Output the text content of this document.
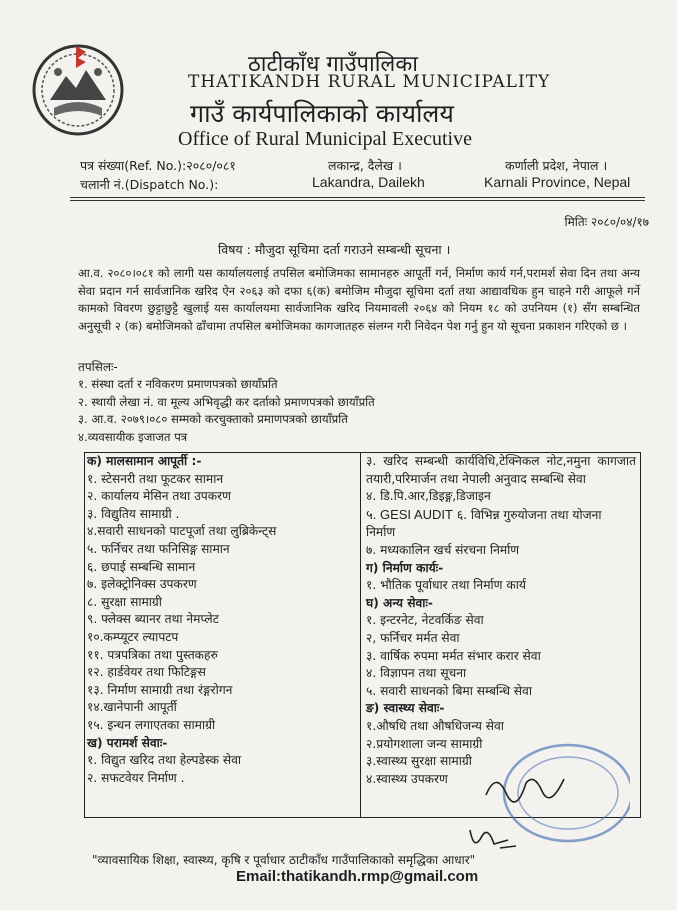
ठाटीकाँध गाउँपालिका
THATIKANDH RURAL MUNICIPALITY
गाउँ कार्यपालिकाको कार्यालय
Office of Rural Municipal Executive
पत्र संख्या(Ref. No.):२०८०/०८१	लकान्द्र, दैलेख ।	कर्णाली प्रदेश, नेपाल ।
चलानी नं.(Dispatch No.):	Lakandra, Dailekh	Karnali Province, Nepal
मितिः २०८०/०४/१७
विषय : मौजुदा सूचिमा दर्ता गराउने सम्बन्धी सूचना ।
आ.व. २०८०।०८१ को लागी यस कार्यालयलाई तपसिल बमोजिमका सामानहरु आपूर्ती गर्न, निर्माण कार्य गर्न,परामर्श सेवा दिन तथा अन्य सेवा प्रदान गर्न सार्वजानिक खरिद ऐन २०६३ को दफा ६(क) बमोजिम मौजुदा सूचिमा दर्ता तथा आद्यावधिक हुन चाहने गरी आफूले गर्ने कामको विवरण छुट्टाछुट्टै खुलाई यस कार्यालयमा सार्वजानिक खरिद नियमावली २०६४ को नियम १८ को उपनियम (१) सँग सम्बन्धित अनुसूची २ (क) बमोजिमको ढाँचामा तपसिल बमोजिमका कागजातहरु संलग्न गरी निवेदन पेश गर्नु हुन यो सूचना प्रकाशन गरिएको छ ।
तपसिलः-
१. संस्था दर्ता र नविकरण प्रमाणपत्रको छायाँप्रति
२. स्थायी लेखा नं. वा मूल्य अभिवृद्धी कर दर्ताको प्रमाणपत्रको छायाँप्रति
३. आ.व. २०७९।०८० सम्मको करचुक्ताको प्रमाणपत्रको छायाँप्रति
४.व्यवसायीक इजाजत पत्र
क) मालसामान आपूर्ती :-
१. स्टेसनरी तथा फूटकर सामान
२. कार्यालय मेसिन तथा उपकरण
३. विद्युतिय सामाग्री .
४.सवारी साधनको पाटपूर्जा तथा लुब्रिकेन्ट्स
५. फर्निचर तथा फनिसिङ्ग सामान
६. छपाई सम्बन्धि सामान
७. इलेक्ट्रोनिक्स उपकरण
८. सुरक्षा सामाग्री
९. फ्लेक्स ब्यानर तथा नेमप्लेट
१०.कम्प्यूटर ल्यापटप
११. पत्रपत्रिका तथा पुस्तकहरु
१२. हार्डवेयर तथा फिटिङ्गस
१३. निर्माण सामाग्री तथा रंङ्गरोगन
१४.खानेपानी आपूर्ती
१५. इन्धन लगाएतका सामाग्री
ख) परामर्श सेवाः-
१. विद्युत खरिद तथा हेल्पडेस्क सेवा
२. सफटवेयर निर्माण .
३. खरिद सम्बन्धी कार्यविधि,टेक्निकल नोट,नमुना कागजात तयारी,परिमार्जन तथा नेपाली अनुवाद सम्बन्धि सेवा
४. डि.पि.आर,डिइङ्ग,डिजाइन
५. GESI AUDIT ६. विभिन्न गुरुयोजना तथा योजना
निर्माण
७. मध्यकालिन खर्च संरचना निर्माण
ग) निर्माण कार्यः-
१. भौतिक पूर्वाधार तथा निर्माण कार्य
घ) अन्य सेवाः-
१. इन्टरनेट, नेटवर्किङ सेवा
२, फर्निचर मर्मत सेवा
३. वार्षिक रुपमा मर्मत संभार करार सेवा
४. विज्ञापन तथा सूचना
५. सवारी साधनको बिमा सम्बन्धि सेवा
ङ) स्वास्थ्य सेवाः-
१.औषधि तथा औषधिजन्य सेवा
२.प्रयोगशाला जन्य सामाग्री
३.स्वास्थ्य सुरक्षा सामाग्री
४.स्वास्थ्य उपकरण
"व्यावसायिक शिक्षा, स्वास्थ्य, कृषि र पूर्वाधार ठाटीकाँध गाउँपालिकाको समृद्धिका आधार"
Email:thatikandh.rmp@gmail.com
